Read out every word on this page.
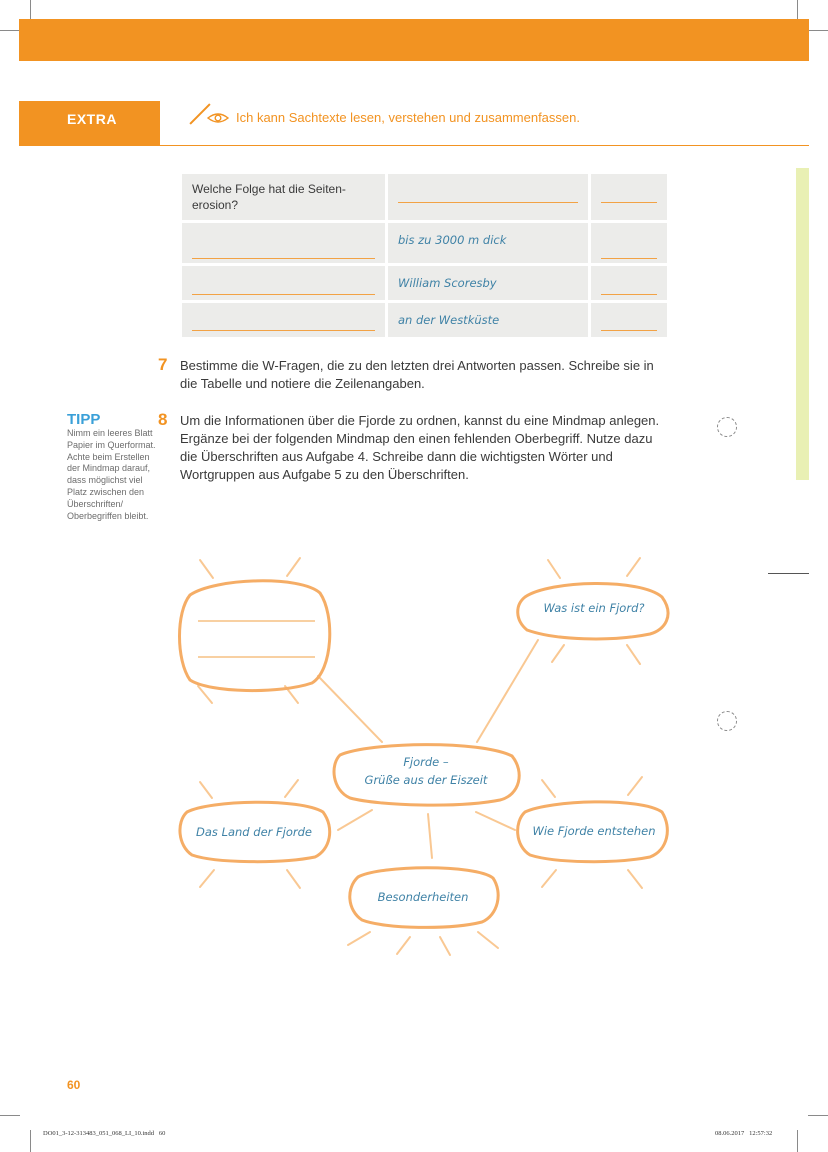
EXTRA	Ich kann Sachtexte lesen, verstehen und zusammenfassen.
Welche Folge hat die Seiten-
erosion?		

	bis zu 3000 m dick	

	William Scoresby	

	an der Westküste	

7 Bestimme die W-Fragen, die zu den letzten drei Antworten passen. Schreibe sie in die Tabelle und notiere die Zeilenangaben.
8 Um die Informationen über die Fjorde zu ordnen, kannst du eine Mindmap anlegen. Ergänze bei der folgenden Mindmap den einen fehlenden Oberbegriff. Nutze dazu die Überschriften aus Aufgabe 4. Schreibe dann die wichtigsten Wörter und Wortgruppen aus Aufgabe 5 zu den Überschriften.
TIPP
Nimm ein leeres Blatt Papier im Querformat. Achte beim Erstellen der Mindmap darauf, dass möglichst viel Platz zwischen den Überschriften/ Oberbegriffen bleibt.
Was ist ein Fjord?
Fjorde –
Grüße aus der Eiszeit
Das Land der Fjorde	Wie Fjorde entstehen
Besonderheiten
60
DO01_3-12-313483_051_068_LI_10.indd   60	08.06.2017   12:57:32
